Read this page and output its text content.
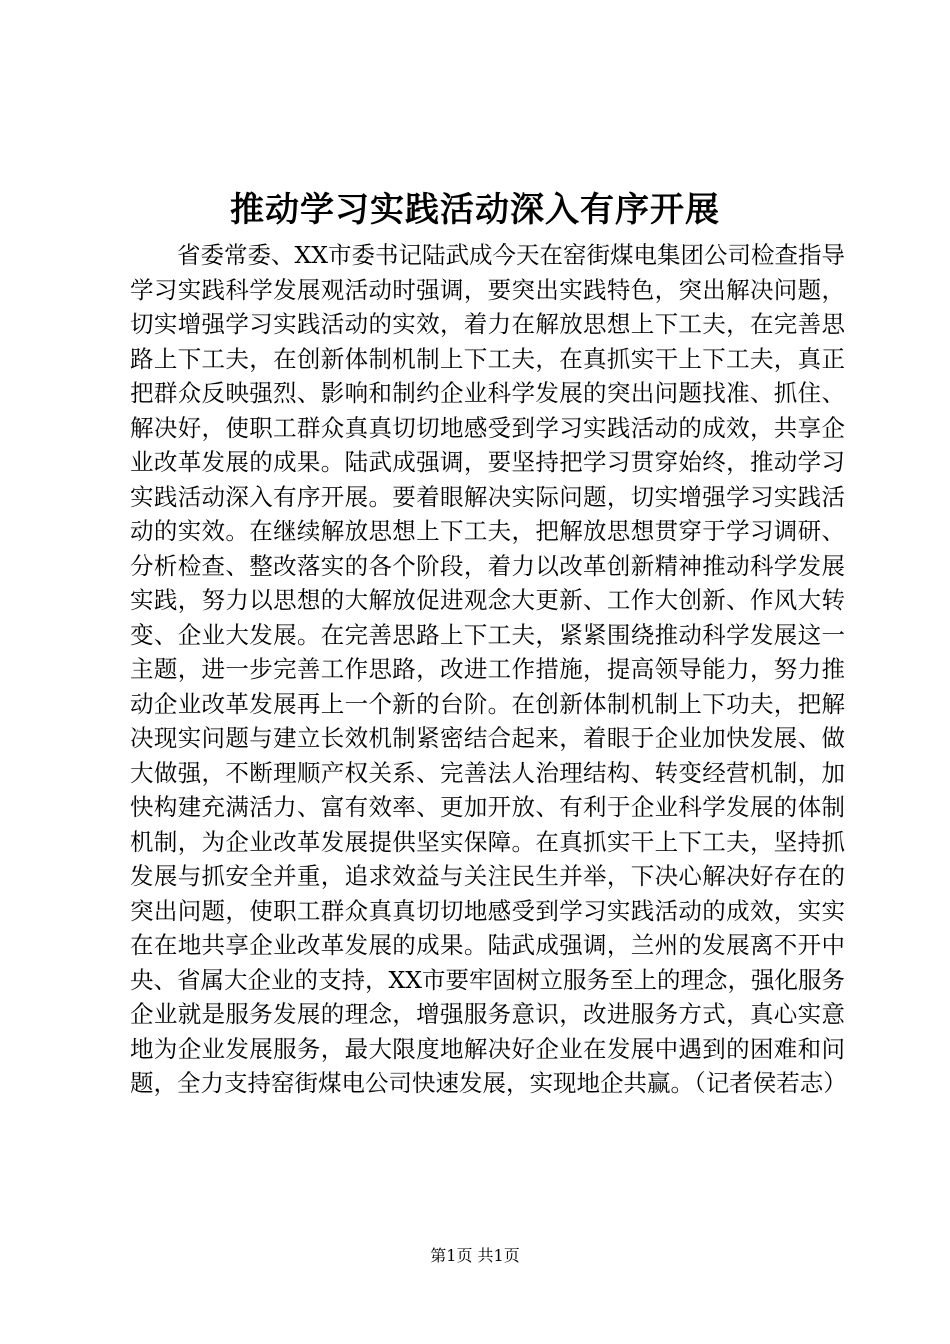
推动学习实践活动深入有序开展

省委常委、XX市委书记陆武成今天在窑街煤电集团公司检查指导学习实践科学发展观活动时强调，要突出实践特色，突出解决问题，切实增强学习实践活动的实效，着力在解放思想上下工夫，在完善思路上下工夫，在创新体制机制上下工夫，在真抓实干上下工夫，真正把群众反映强烈、影响和制约企业科学发展的突出问题找准、抓住、解决好，使职工群众真真切切地感受到学习实践活动的成效，共享企业改革发展的成果。陆武成强调，要坚持把学习贯穿始终，推动学习实践活动深入有序开展。要着眼解决实际问题，切实增强学习实践活动的实效。在继续解放思想上下工夫，把解放思想贯穿于学习调研、分析检查、整改落实的各个阶段，着力以改革创新精神推动科学发展实践，努力以思想的大解放促进观念大更新、工作大创新、作风大转变、企业大发展。在完善思路上下工夫，紧紧围绕推动科学发展这一主题，进一步完善工作思路，改进工作措施，提高领导能力，努力推动企业改革发展再上一个新的台阶。在创新体制机制上下功夫，把解决现实问题与建立长效机制紧密结合起来，着眼于企业加快发展、做大做强，不断理顺产权关系、完善法人治理结构、转变经营机制，加快构建充满活力、富有效率、更加开放、有利于企业科学发展的体制机制，为企业改革发展提供坚实保障。在真抓实干上下工夫，坚持抓发展与抓安全并重，追求效益与关注民生并举，下决心解决好存在的突出问题，使职工群众真真切切地感受到学习实践活动的成效，实实在在地共享企业改革发展的成果。陆武成强调，兰州的发展离不开中央、省属大企业的支持，XX市要牢固树立服务至上的理念，强化服务企业就是服务发展的理念，增强服务意识，改进服务方式，真心实意地为企业发展服务，最大限度地解决好企业在发展中遇到的困难和问题，全力支持窑街煤电公司快速发展，实现地企共赢。（记者侯若志）

第1页 共1页
